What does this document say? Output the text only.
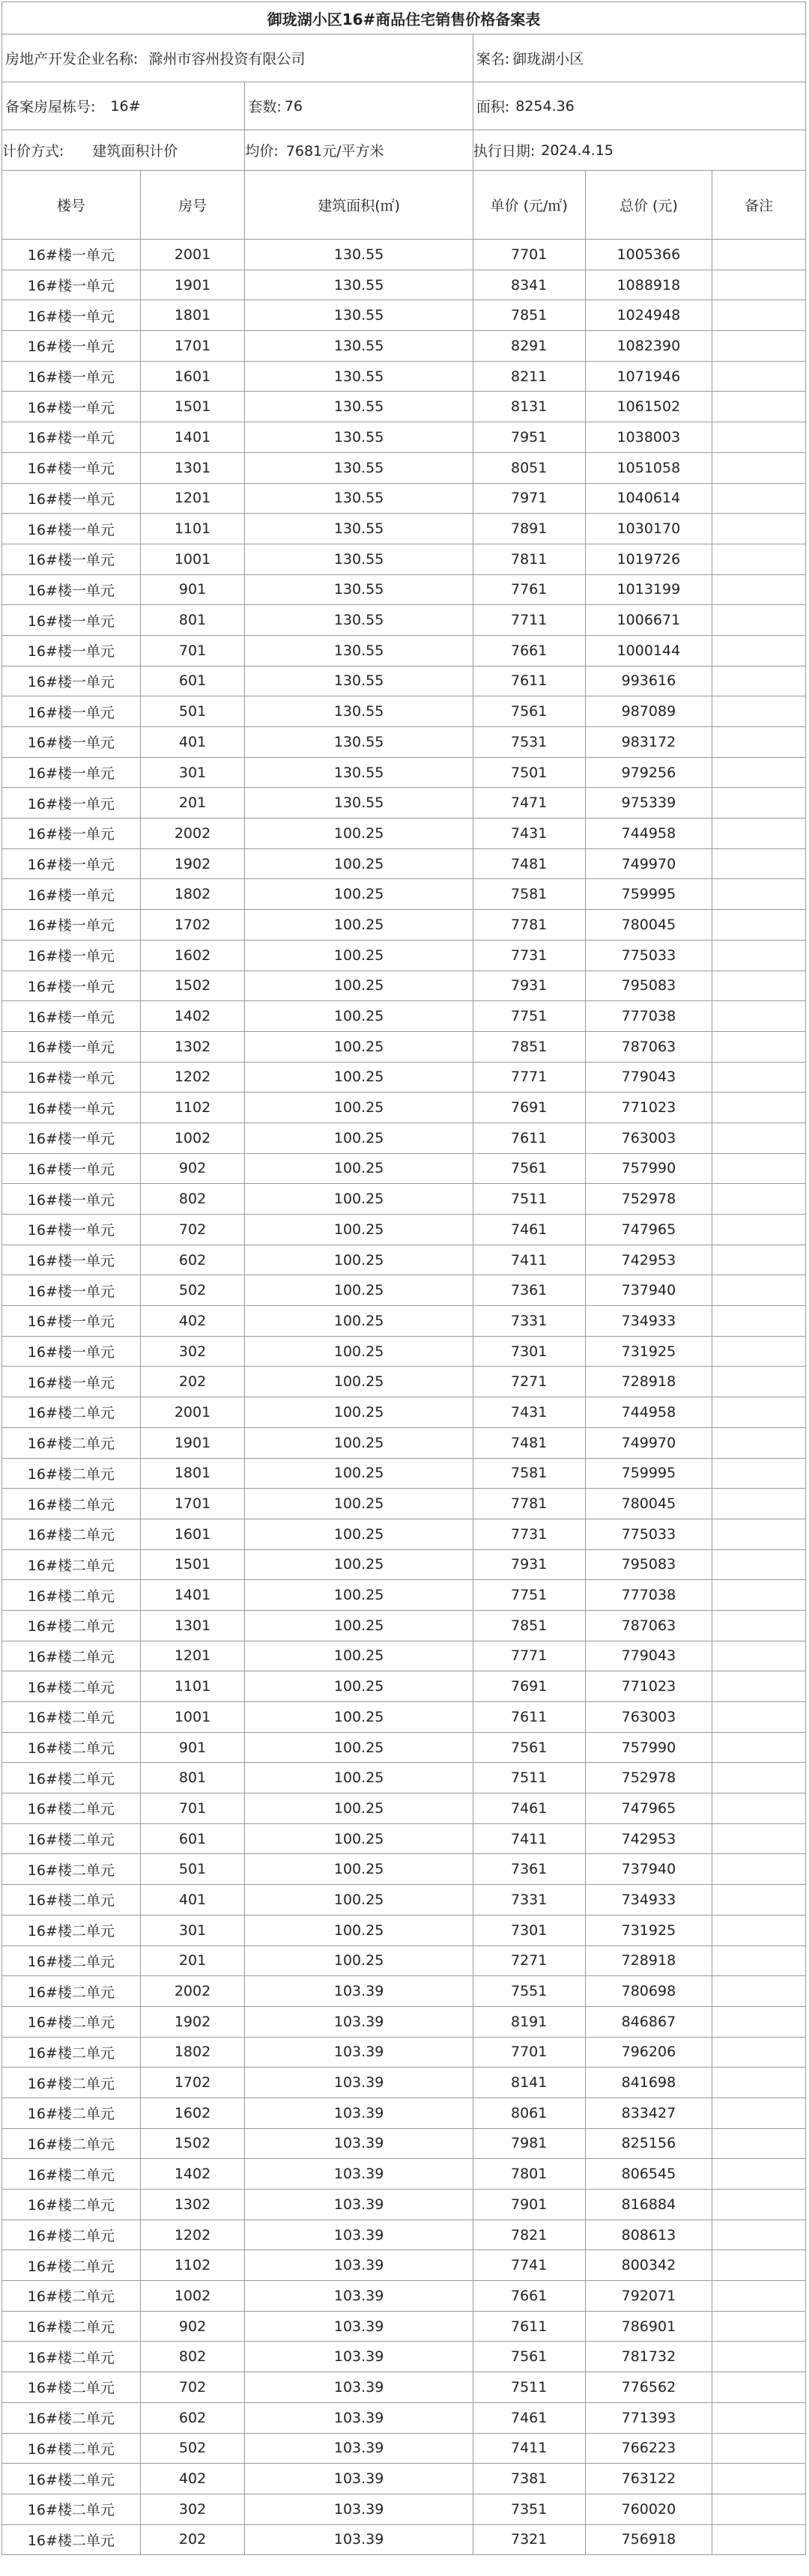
御珑湖小区16#商品住宅销售价格备案表
房地产开发企业名称: 滁州市容州投资有限公司	案名: 御珑湖小区
备案房屋栋号: 16#	套数: 76	面积: 8254.36
计价方式: 建筑面积计价	均价: 7681元/平方米	执行日期: 2024.4.15
楼号	房号	建筑面积(㎡)	单价 (元/㎡)	总价 (元)	备注
16#楼一单元	2001	130.55	7701	1005366
16#楼一单元	1901	130.55	8341	1088918
16#楼一单元	1801	130.55	7851	1024948
16#楼一单元	1701	130.55	8291	1082390
16#楼一单元	1601	130.55	8211	1071946
16#楼一单元	1501	130.55	8131	1061502
16#楼一单元	1401	130.55	7951	1038003
16#楼一单元	1301	130.55	8051	1051058
16#楼一单元	1201	130.55	7971	1040614
16#楼一单元	1101	130.55	7891	1030170
16#楼一单元	1001	130.55	7811	1019726
16#楼一单元	901	130.55	7761	1013199
16#楼一单元	801	130.55	7711	1006671
16#楼一单元	701	130.55	7661	1000144
16#楼一单元	601	130.55	7611	993616
16#楼一单元	501	130.55	7561	987089
16#楼一单元	401	130.55	7531	983172
16#楼一单元	301	130.55	7501	979256
16#楼一单元	201	130.55	7471	975339
16#楼一单元	2002	100.25	7431	744958
16#楼一单元	1902	100.25	7481	749970
16#楼一单元	1802	100.25	7581	759995
16#楼一单元	1702	100.25	7781	780045
16#楼一单元	1602	100.25	7731	775033
16#楼一单元	1502	100.25	7931	795083
16#楼一单元	1402	100.25	7751	777038
16#楼一单元	1302	100.25	7851	787063
16#楼一单元	1202	100.25	7771	779043
16#楼一单元	1102	100.25	7691	771023
16#楼一单元	1002	100.25	7611	763003
16#楼一单元	902	100.25	7561	757990
16#楼一单元	802	100.25	7511	752978
16#楼一单元	702	100.25	7461	747965
16#楼一单元	602	100.25	7411	742953
16#楼一单元	502	100.25	7361	737940
16#楼一单元	402	100.25	7331	734933
16#楼一单元	302	100.25	7301	731925
16#楼一单元	202	100.25	7271	728918
16#楼二单元	2001	100.25	7431	744958
16#楼二单元	1901	100.25	7481	749970
16#楼二单元	1801	100.25	7581	759995
16#楼二单元	1701	100.25	7781	780045
16#楼二单元	1601	100.25	7731	775033
16#楼二单元	1501	100.25	7931	795083
16#楼二单元	1401	100.25	7751	777038
16#楼二单元	1301	100.25	7851	787063
16#楼二单元	1201	100.25	7771	779043
16#楼二单元	1101	100.25	7691	771023
16#楼二单元	1001	100.25	7611	763003
16#楼二单元	901	100.25	7561	757990
16#楼二单元	801	100.25	7511	752978
16#楼二单元	701	100.25	7461	747965
16#楼二单元	601	100.25	7411	742953
16#楼二单元	501	100.25	7361	737940
16#楼二单元	401	100.25	7331	734933
16#楼二单元	301	100.25	7301	731925
16#楼二单元	201	100.25	7271	728918
16#楼二单元	2002	103.39	7551	780698
16#楼二单元	1902	103.39	8191	846867
16#楼二单元	1802	103.39	7701	796206
16#楼二单元	1702	103.39	8141	841698
16#楼二单元	1602	103.39	8061	833427
16#楼二单元	1502	103.39	7981	825156
16#楼二单元	1402	103.39	7801	806545
16#楼二单元	1302	103.39	7901	816884
16#楼二单元	1202	103.39	7821	808613
16#楼二单元	1102	103.39	7741	800342
16#楼二单元	1002	103.39	7661	792071
16#楼二单元	902	103.39	7611	786901
16#楼二单元	802	103.39	7561	781732
16#楼二单元	702	103.39	7511	776562
16#楼二单元	602	103.39	7461	771393
16#楼二单元	502	103.39	7411	766223
16#楼二单元	402	103.39	7381	763122
16#楼二单元	302	103.39	7351	760020
16#楼二单元	202	103.39	7321	756918
